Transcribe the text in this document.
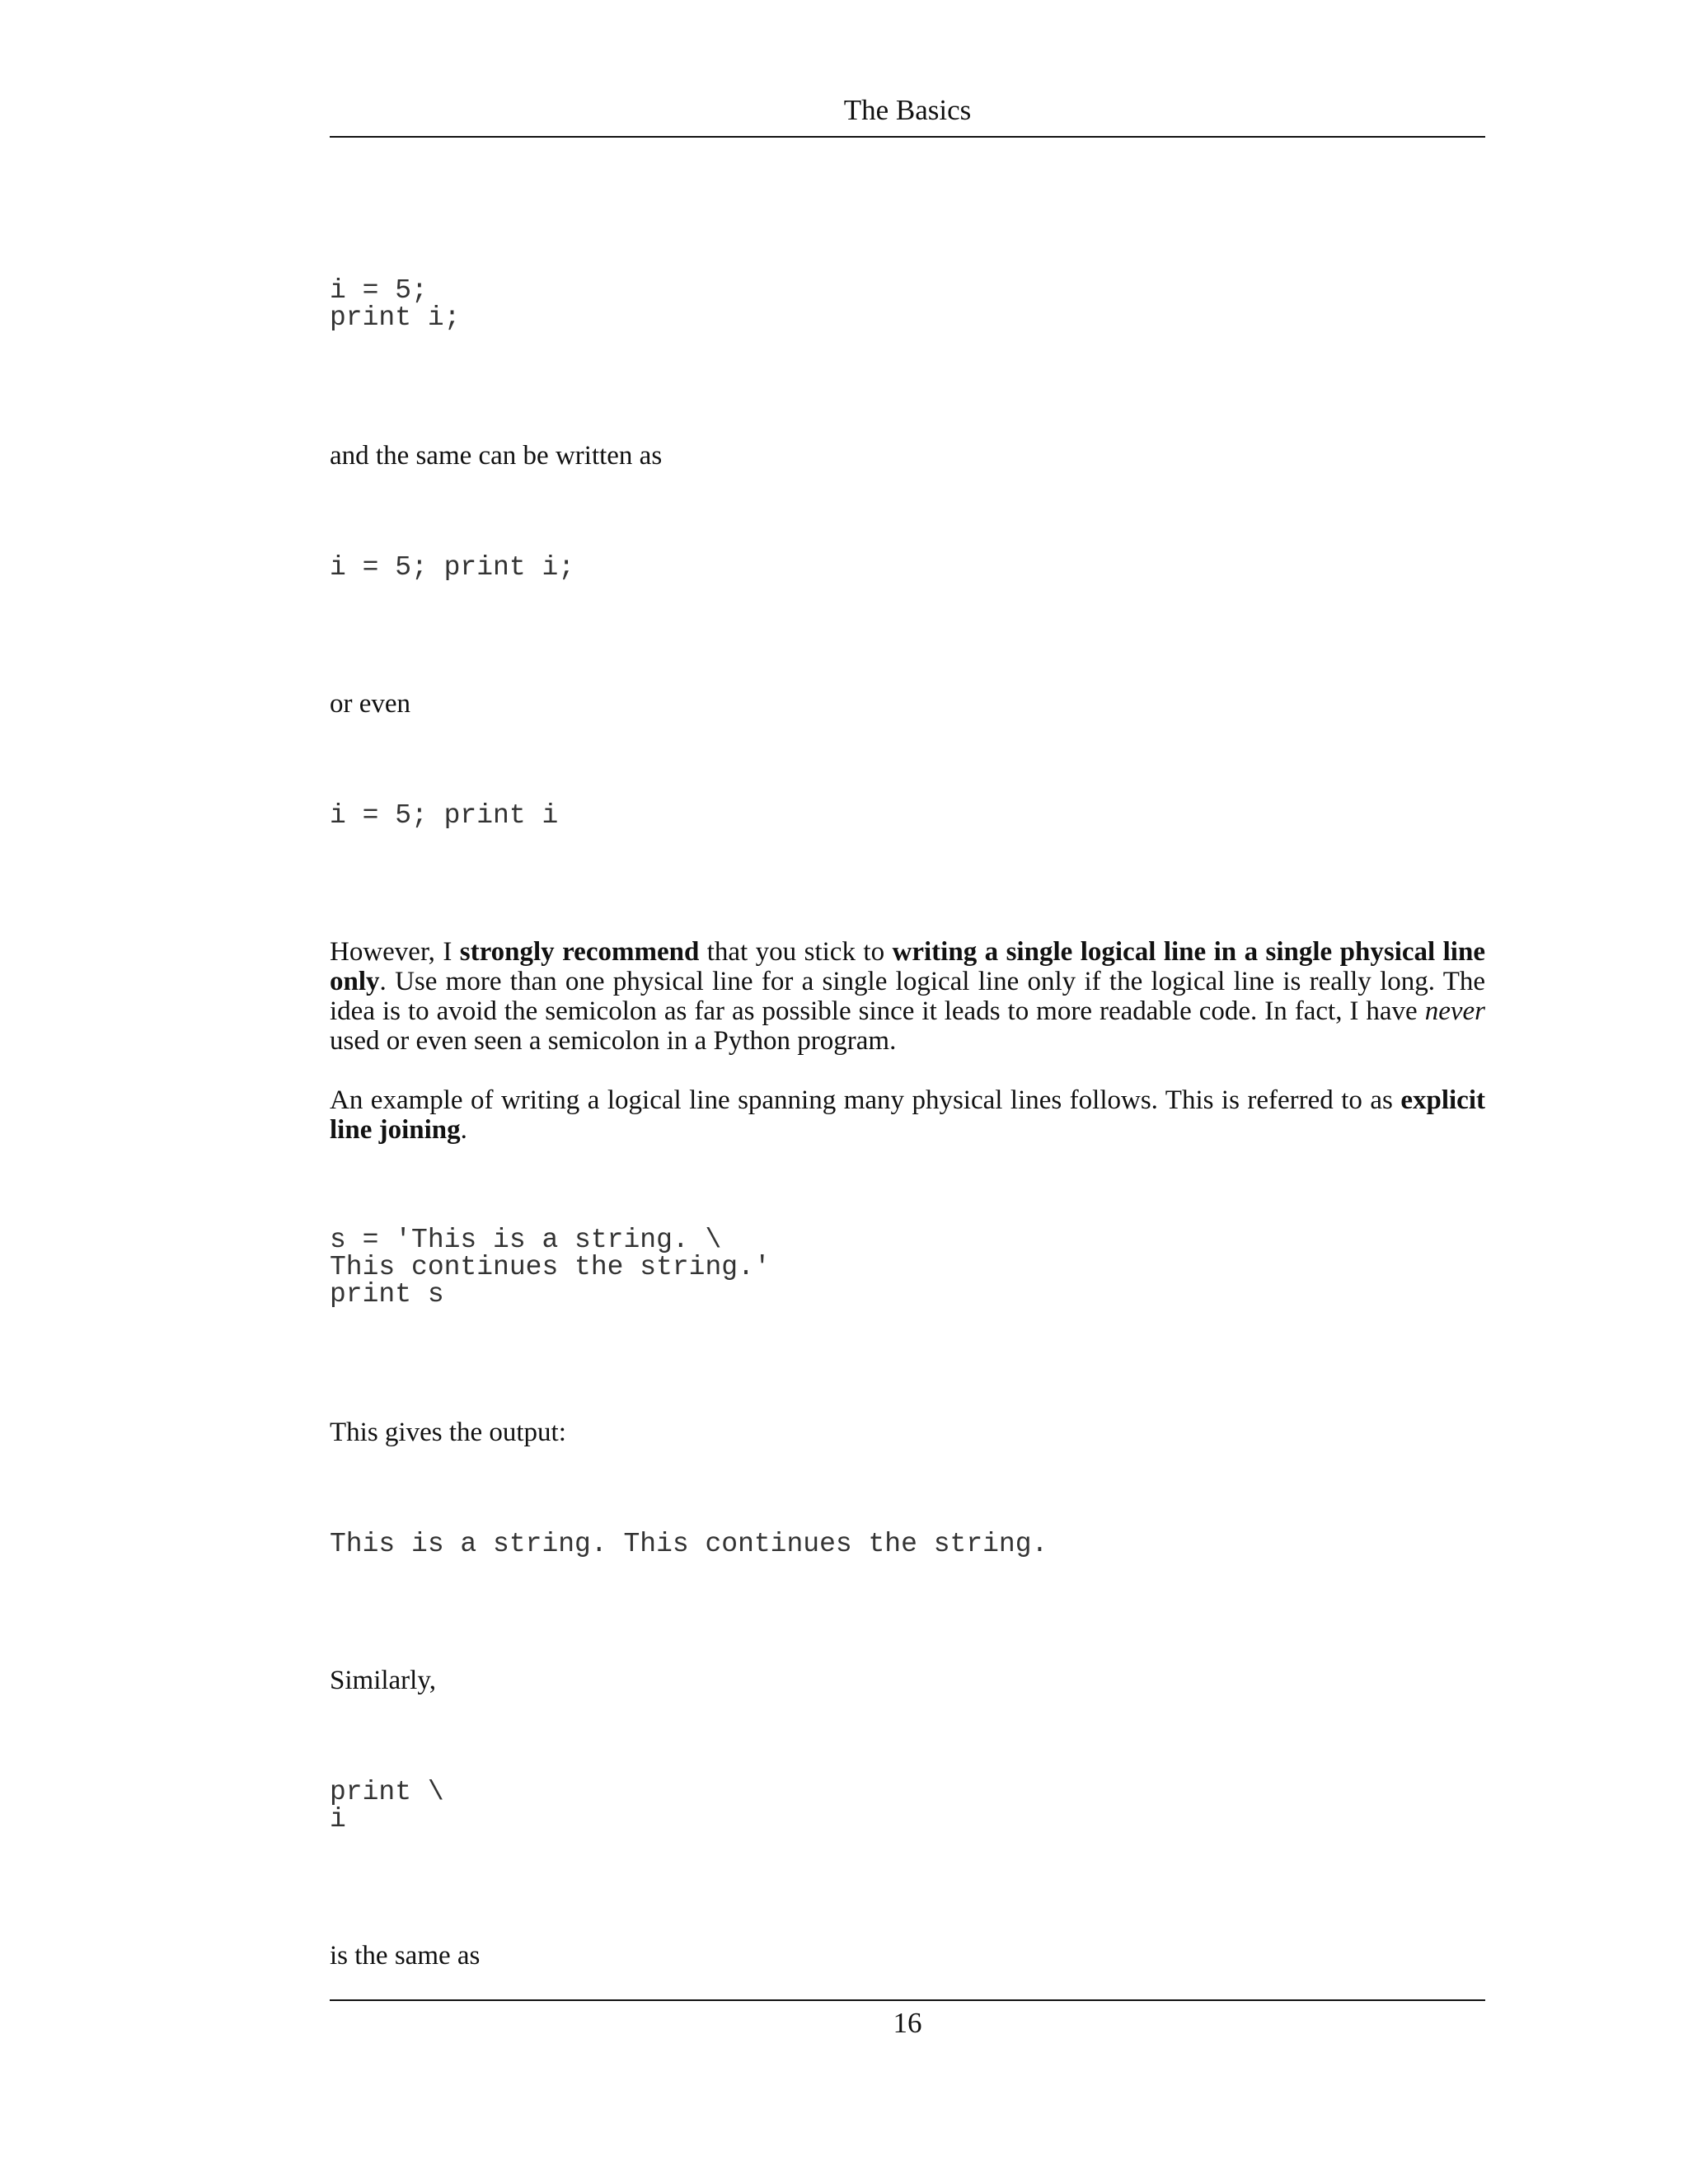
The Basics
i = 5;
print i;

and the same can be written as

i = 5; print i;

or even

i = 5; print i

However, I strongly recommend that you stick to writing a single logical line in a single physical line only. Use more than one physical line for a single logical line only if the logical line is really long. The idea is to avoid the semicolon as far as possible since it leads to more readable code. In fact, I have never used or even seen a semicolon in a Python program.

An example of writing a logical line spanning many physical lines follows. This is referred to as explicit line joining.

s = 'This is a string. \
This continues the string.'
print s

This gives the output:

This is a string. This continues the string.

Similarly,

print \
i

is the same as

16
